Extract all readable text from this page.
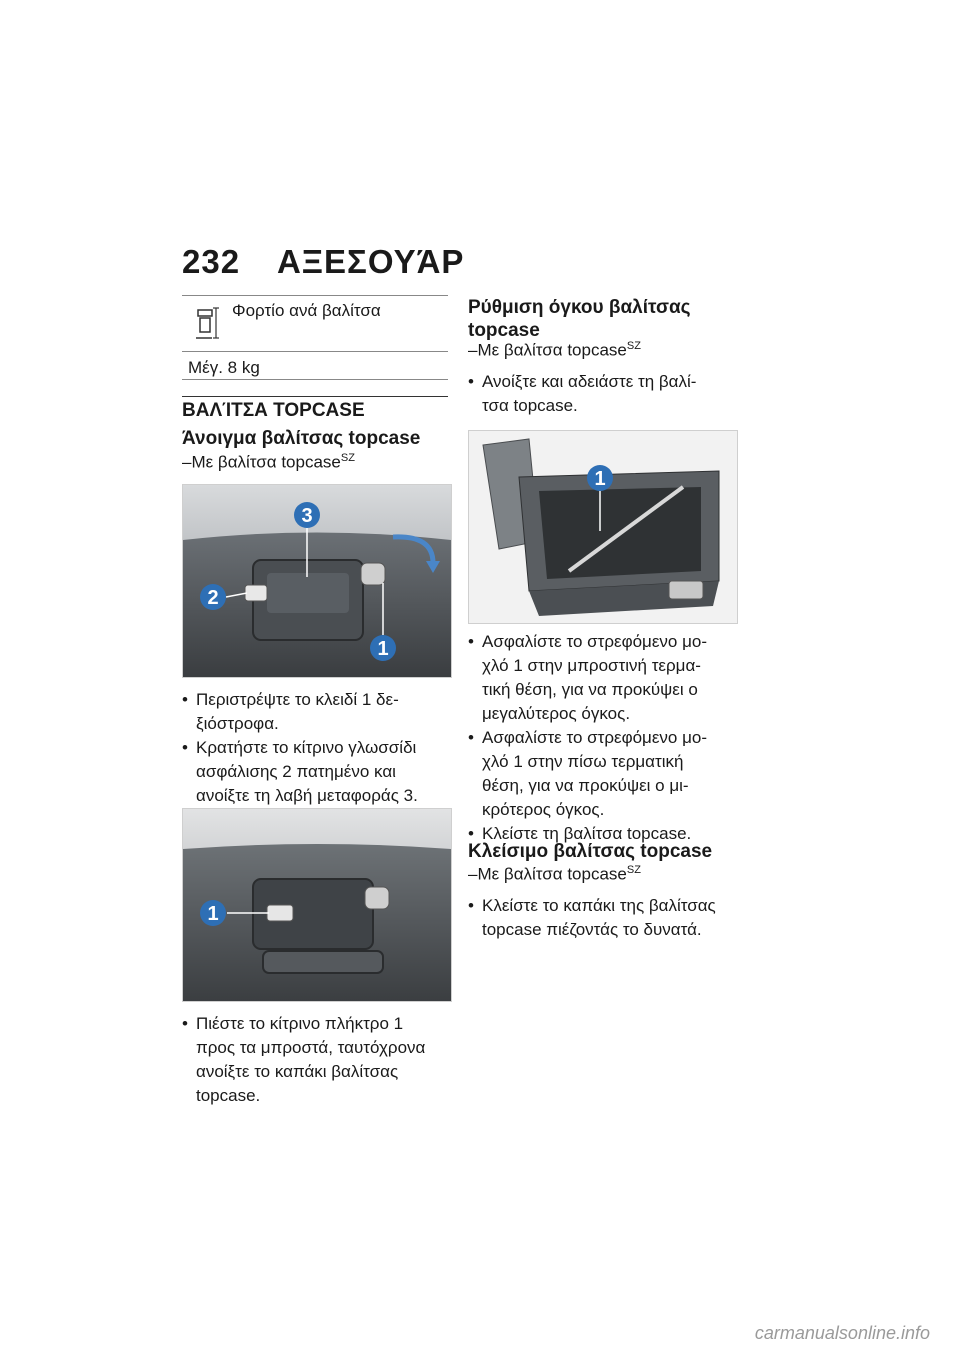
232 ΑΞΕΣΟΥΆΡ
Φορτίο ανά βαλίτσα
Μέγ. 8 kg
ΒΑΛΊΤΣΑ TOPCASE
Άνοιγμα βαλίτσας topcase
–Με βαλίτσα topcase$^{SZ}$
3
2
1

• Περιστρέψτε το κλειδί 1 δε-
ξιόστροφα.

• Κρατήστε το κίτρινο γλωσσίδι
ασφάλισης 2 πατημένο και
ανοίξτε τη λαβή μεταφοράς 3.

1

• Πιέστε το κίτρινο πλήκτρο 1
προς τα μπροστά, ταυτόχρονα
ανοίξτε το καπάκι βαλίτσας
topcase.

Ρύθμιση όγκου βαλίτσας
topcase
–Με βαλίτσα topcase$^{SZ}$

• Ανοίξτε και αδειάστε τη βαλί-
τσα topcase.

1

• Ασφαλίστε το στρεφόμενο μο-
χλό 1 στην μπροστινή τερμα-
τική θέση, για να προκύψει ο
μεγαλύτερος όγκος.

• Ασφαλίστε το στρεφόμενο μο-
χλό 1 στην πίσω τερματική
θέση, για να προκύψει ο μι-
κρότερος όγκος.

• Κλείστε τη βαλίτσα topcase.

Κλείσιμο βαλίτσας topcase
–Με βαλίτσα topcase$^{SZ}$

• Κλείστε το καπάκι της βαλίτσας
topcase πιέζοντάς το δυνατά.

carmanualsonline.info
